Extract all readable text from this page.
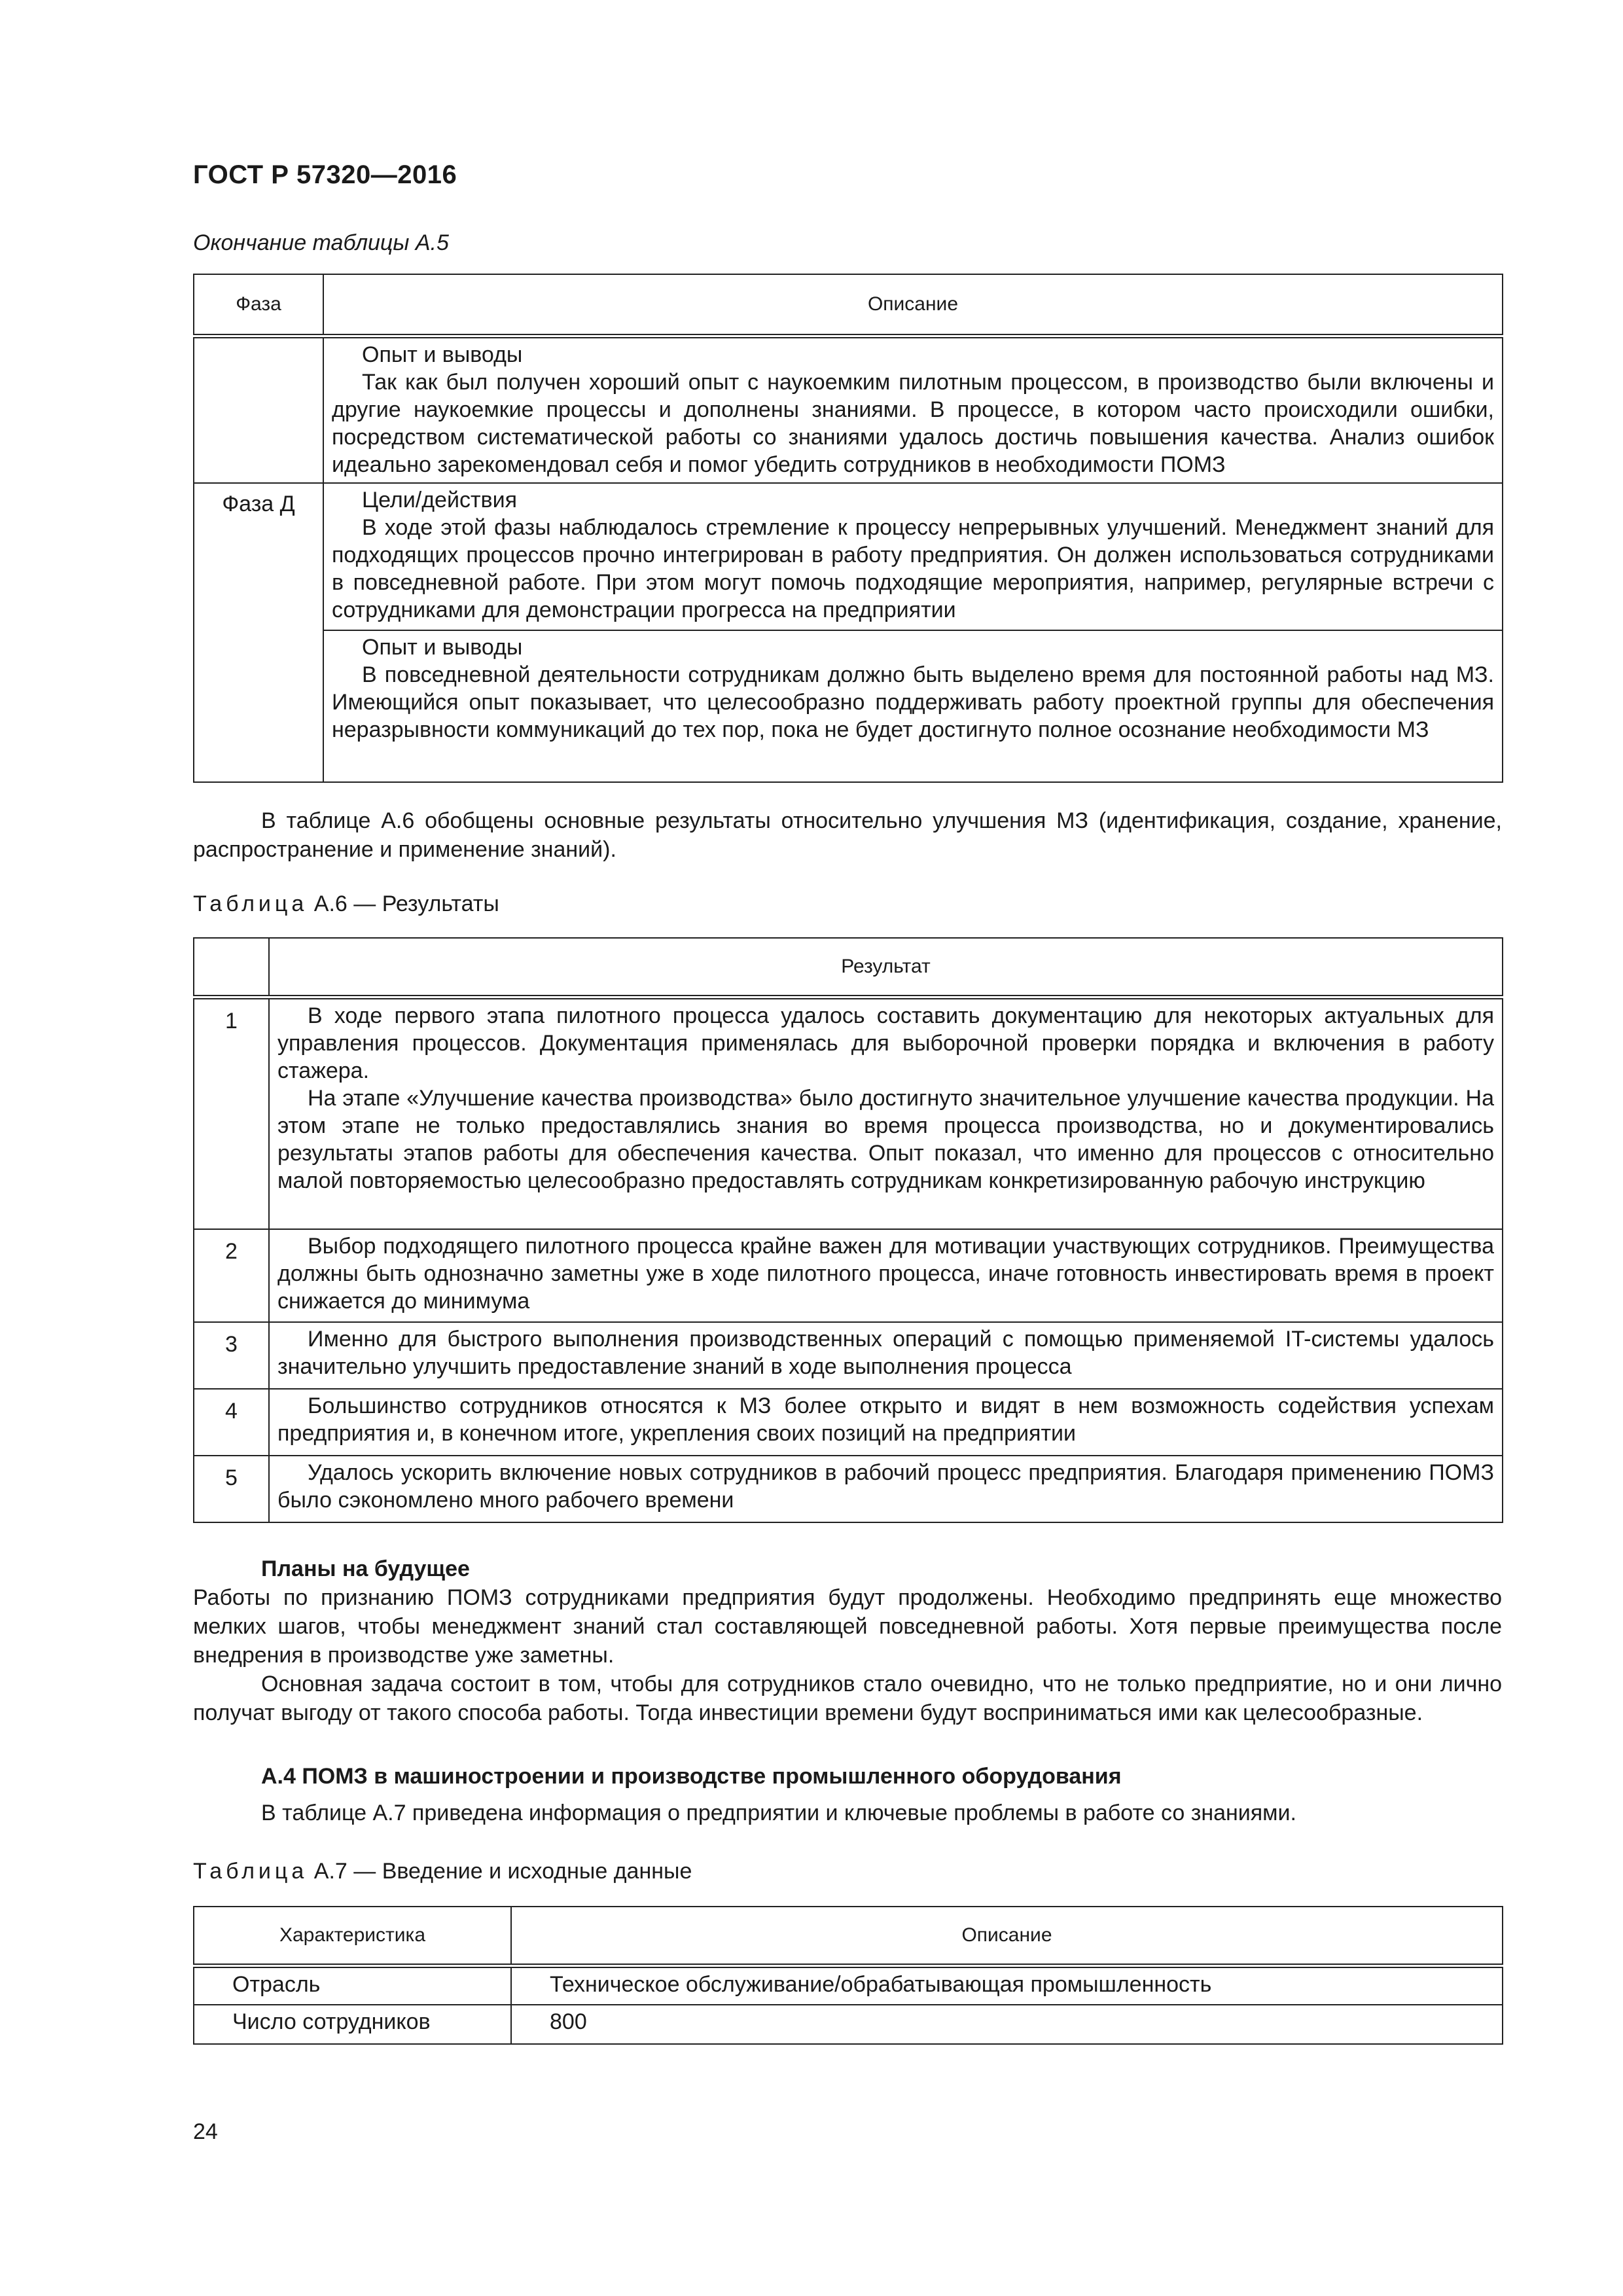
ГОСТ Р 57320—2016
Окончание таблицы А.5
Фаза	Описание

	Опыт и выводы
Так как был получен хороший опыт с наукоемким пилотным процессом, в производство были включены и другие наукоемкие процессы и дополнены знаниями. В процессе, в котором часто происходили ошибки, посредством систематической работы со знаниями удалось достичь повышения качества. Анализ ошибок идеально зарекомендовал себя и помог убедить сотрудников в необходимости ПОМЗ

Фаза Д	Цели/действия
В ходе этой фазы наблюдалось стремление к процессу непрерывных улучшений. Менеджмент знаний для подходящих процессов прочно интегрирован в работу предприятия. Он должен использоваться сотрудниками в повседневной работе. При этом могут помочь подходящие мероприятия, например, регулярные встречи с сотрудниками для демонстрации прогресса на предприятии

	Опыт и выводы
В повседневной деятельности сотрудникам должно быть выделено время для постоянной работы над МЗ. Имеющийся опыт показывает, что целесообразно поддерживать работу проектной группы для обеспечения неразрывности коммуникаций до тех пор, пока не будет достигнуто полное осознание необходимости МЗ

В таблице А.6 обобщены основные результаты относительно улучшения МЗ (идентификация, создание, хранение, распространение и применение знаний).

Таблица А.6 — Результаты
	Результат
1	В ходе первого этапа пилотного процесса удалось составить документацию для некоторых актуальных для управления процессов. Документация применялась для выборочной проверки порядка и включения в работу стажера.
На этапе «Улучшение качества производства» было достигнуто значительное улучшение качества продукции. На этом этапе не только предоставлялись знания во время процесса производства, но и документировались результаты этапов работы для обеспечения качества. Опыт показал, что именно для процессов с относительно малой повторяемостью целесообразно предоставлять сотрудникам конкретизированную рабочую инструкцию

2	Выбор подходящего пилотного процесса крайне важен для мотивации участвующих сотрудников. Преимущества должны быть однозначно заметны уже в ходе пилотного процесса, иначе готовность инвестировать время в проект снижается до минимума

3	Именно для быстрого выполнения производственных операций с помощью применяемой IT-системы удалось значительно улучшить предоставление знаний в ходе выполнения процесса

4	Большинство сотрудников относятся к МЗ более открыто и видят в нем возможность содействия успехам предприятия и, в конечном итоге, укрепления своих позиций на предприятии

5	Удалось ускорить включение новых сотрудников в рабочий процесс предприятия. Благодаря применению ПОМЗ было сэкономлено много рабочего времени

Планы на будущее

Работы по признанию ПОМЗ сотрудниками предприятия будут продолжены. Необходимо предпринять еще множество мелких шагов, чтобы менеджмент знаний стал составляющей повседневной работы. Хотя первые преимущества после внедрения в производстве уже заметны.

Основная задача состоит в том, чтобы для сотрудников стало очевидно, что не только предприятие, но и они лично получат выгоду от такого способа работы. Тогда инвестиции времени будут восприниматься ими как целесообразные.

А.4 ПОМЗ в машиностроении и производстве промышленного оборудования

В таблице А.7 приведена информация о предприятии и ключевые проблемы в работе со знаниями.

Таблица А.7 — Введение и исходные данные
Характеристика	Описание
Отрасль	Техническое обслуживание/обрабатывающая промышленность
Число сотрудников	800
24
